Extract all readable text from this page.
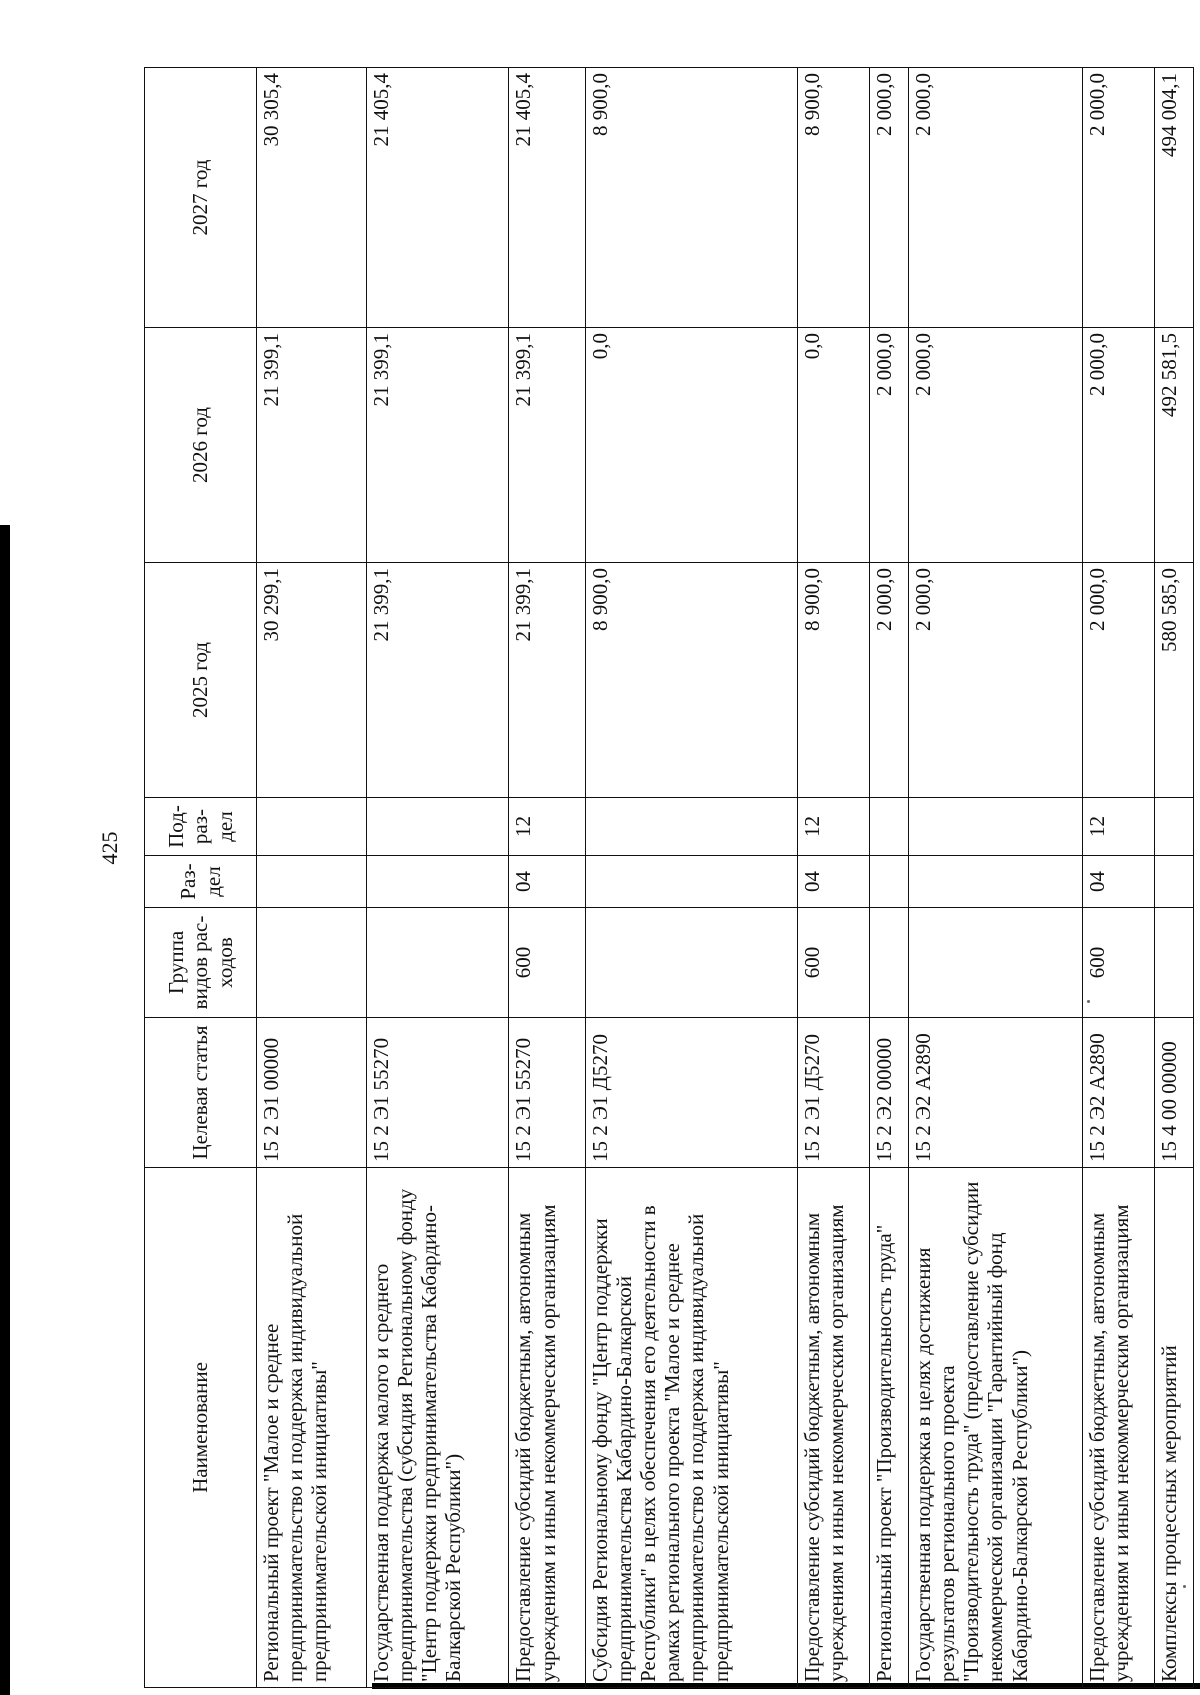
425
Наименование	Целевая статья	Группа видов рас- ходов	Раз- дел	Под- раз- дел	2025 год	2026 год	2027 год
Региональный проект "Малое и среднее предпринимательство и поддержка индивидуальной предпринимательской инициативы"	15 2 Э1 00000				30 299,1	21 399,1	30 305,4
Государственная поддержка малого и среднего предпринимательства (субсидия Региональному фонду "Центр поддержки предпринимательства Кабардино-Балкарской Республики")	15 2 Э1 55270				21 399,1	21 399,1	21 405,4
Предоставление субсидий бюджетным, автономным учреждениям и иным некоммерческим организациям	15 2 Э1 55270	600	04	12	21 399,1	21 399,1	21 405,4
Субсидия Региональному фонду "Центр поддержки предпринимательства Кабардино-Балкарской Республики" в целях обеспечения его деятельности в рамках регионального проекта "Малое и среднее предпринимательство и поддержка индивидуальной предпринимательской инициативы"	15 2 Э1 Д5270				8 900,0	0,0	8 900,0
Предоставление субсидий бюджетным, автономным учреждениям и иным некоммерческим организациям	15 2 Э1 Д5270	600	04	12	8 900,0	0,0	8 900,0
Региональный проект "Производительность труда"	15 2 Э2 00000				2 000,0	2 000,0	2 000,0
Государственная поддержка в целях достижения результатов регионального проекта "Производительность труда" (предоставление субсидии некоммерческой организации "Гарантийный фонд Кабардино-Балкарской Республики")	15 2 Э2 А2890				2 000,0	2 000,0	2 000,0
Предоставление субсидий бюджетным, автономным учреждениям и иным некоммерческим организациям	15 2 Э2 А2890	600	04	12	2 000,0	2 000,0	2 000,0
Комплексы процессных мероприятий	15 4 00 00000				580 585,0	492 581,5	494 004,1
